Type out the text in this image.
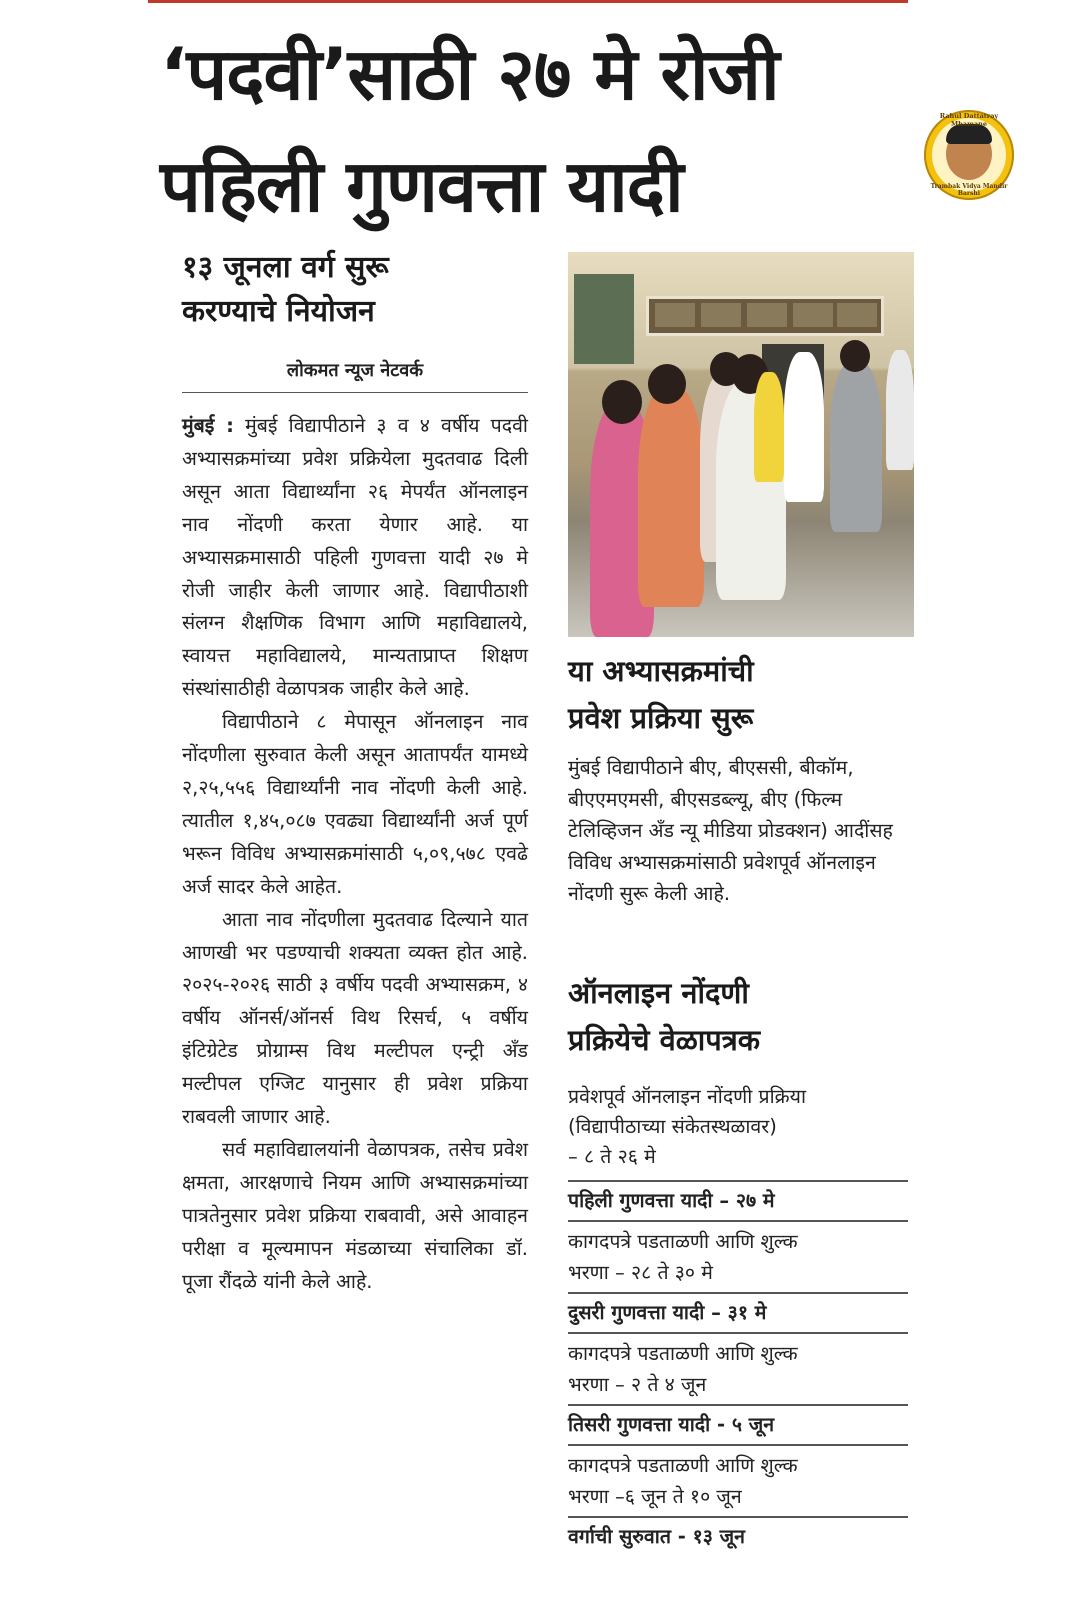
‘पदवी’साठी २७ मे रोजी
पहिली गुणवत्ता यादी
Rahul Dattatray Mhamane
Trambak Vidya Mandir Barshi
१३ जूनला वर्ग सुरू
करण्याचे नियोजन
लोकमत न्यूज नेटवर्क

मुंबई : मुंबई विद्यापीठाने ३ व ४ वर्षीय पदवी अभ्यासक्रमांच्या प्रवेश प्रक्रियेला मुदतवाढ दिली असून आता विद्यार्थ्यांना २६ मेपर्यंत ऑनलाइन नाव नोंदणी करता येणार आहे. या अभ्यासक्रमासाठी पहिली गुणवत्ता यादी २७ मे रोजी जाहीर केली जाणार आहे. विद्यापीठाशी संलग्न शैक्षणिक विभाग आणि महाविद्यालये, स्वायत्त महाविद्यालये, मान्यताप्राप्त शिक्षण संस्थांसाठीही वेळापत्रक जाहीर केले आहे.

विद्यापीठाने ८ मेपासून ऑनलाइन नाव नोंदणीला सुरुवात केली असून आतापर्यंत यामध्ये २,२५,५५६ विद्यार्थ्यांनी नाव नोंदणी केली आहे. त्यातील १,४५,०८७ एवढ्या विद्यार्थ्यांनी अर्ज पूर्ण भरून विविध अभ्यासक्रमांसाठी ५,०९,५७८ एवढे अर्ज सादर केले आहेत.

आता नाव नोंदणीला मुदतवाढ दिल्याने यात आणखी भर पडण्याची शक्यता व्यक्त होत आहे. २०२५-२०२६ साठी ३ वर्षीय पदवी अभ्यासक्रम, ४ वर्षीय ऑनर्स/ऑनर्स विथ रिसर्च, ५ वर्षीय इंटिग्रेटेड प्रोग्राम्स विथ मल्टीपल एन्ट्री अँड मल्टीपल एग्जिट यानुसार ही प्रवेश प्रक्रिया राबवली जाणार आहे.

सर्व महाविद्यालयांनी वेळापत्रक, तसेच प्रवेश क्षमता, आरक्षणाचे नियम आणि अभ्यासक्रमांच्या पात्रतेनुसार प्रवेश प्रक्रिया राबवावी, असे आवाहन परीक्षा व मूल्यमापन मंडळाच्या संचालिका डॉ. पूजा रौंदळे यांनी केले आहे.

या अभ्यासक्रमांची
प्रवेश प्रक्रिया सुरू
मुंबई विद्यापीठाने बीए, बीएससी, बीकॉम, बीएएमएमसी, बीएसडब्ल्यू, बीए (फिल्म टेलिव्हिजन अँड न्यू मीडिया प्रोडक्शन) आदींसह विविध अभ्यासक्रमांसाठी प्रवेशपूर्व ऑनलाइन नोंदणी सुरू केली आहे.
ऑनलाइन नोंदणी
प्रक्रियेचे वेळापत्रक
प्रवेशपूर्व ऑनलाइन नोंदणी प्रक्रिया
(विद्यापीठाच्या संकेतस्थळावर)
– ८ ते २६ मे
पहिली गुणवत्ता यादी – २७ मे
कागदपत्रे पडताळणी आणि शुल्क
भरणा – २८ ते ३० मे
दुसरी गुणवत्ता यादी – ३१ मे
कागदपत्रे पडताळणी आणि शुल्क
भरणा – २ ते ४ जून
तिसरी गुणवत्ता यादी - ५ जून
कागदपत्रे पडताळणी आणि शुल्क
भरणा –६ जून ते १० जून
वर्गाची सुरुवात - १३ जून
